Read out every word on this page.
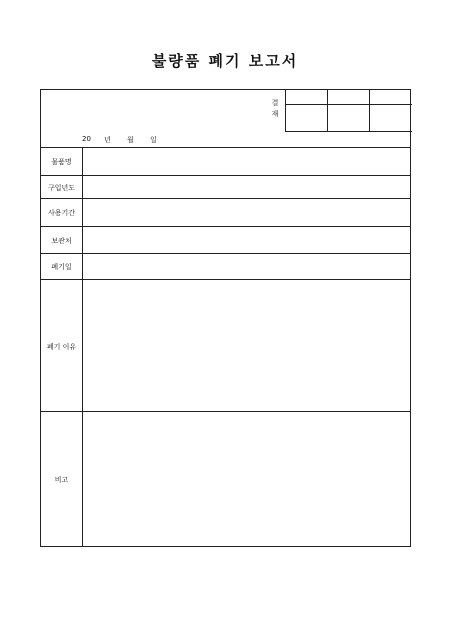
불량품 폐기 보고서
결
재
20 년 월 일
물품명
구입년도
사용기간
보관처
폐기일
폐기 이유
비고
